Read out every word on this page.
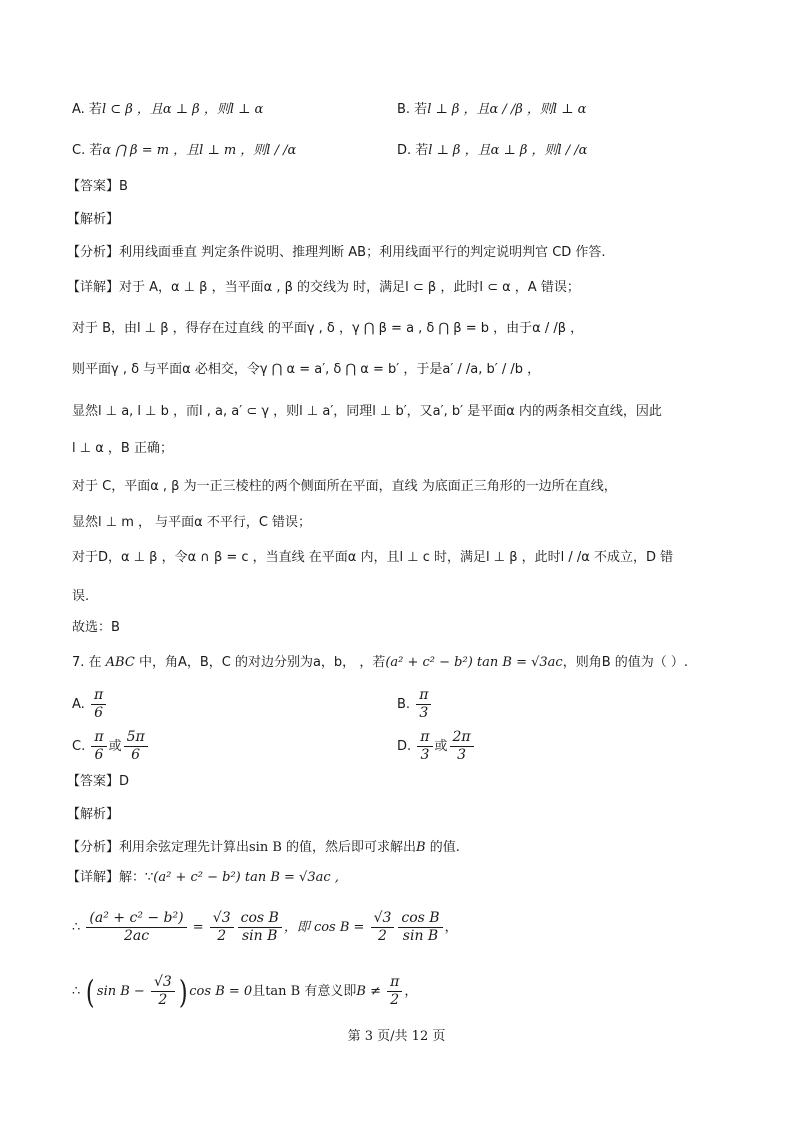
A. 若l ⊂ β ，且α ⊥ β ，则l ⊥ α	B. 若l ⊥ β ，且α / /β ，则l ⊥ α
C. 若α ⋂ β = m ，且l ⊥ m ，则l / /α	D. 若l ⊥ β ，且α ⊥ β ，则l / /α
【答案】B
【解析】
【分析】利用线面垂直 判定条件说明、推理判断 AB；利用线面平行的判定说明判官 CD 作答.
【详解】对于 A，α ⊥ β ，当平面α , β 的交线为 时，满足l ⊂ β ，此时l ⊂ α ，A 错误；
对于 B，由l ⊥ β ，得存在过直线 的平面γ , δ ，γ ⋂ β = a , δ ⋂ β = b ，由于α / /β ，
则平面γ , δ 与平面α 必相交，令γ ⋂ α = a′, δ ⋂ α = b′ ，于是a′ / /a, b′ / /b ，
显然l ⊥ a, l ⊥ b ，而l , a, a′ ⊂ γ ，则l ⊥ a′，同理l ⊥ b′，又a′, b′ 是平面α 内的两条相交直线，因此
l ⊥ α ，B 正确；
对于 C，平面α , β 为一正三棱柱的两个侧面所在平面，直线 为底面正三角形的一边所在直线，
显然l ⊥ m ， 与平面α 不平行，C 错误；
对于D，α ⊥ β ，令α ∩ β = c ，当直线 在平面α 内，且l ⊥ c 时，满足l ⊥ β ，此时l / /α 不成立，D 错
误.
故选：B
7. 在 ABC 中，角A，B，C 的对边分别为a，b， ，若(a² + c² − b²) tan B = √3ac，则角B 的值为（ ）.
A. $\frac{\pi}{6}$	B. $\frac{\pi}{3}$
C. $\frac{\pi}{6}$ 或 $\frac{5\pi}{6}$	D. $\frac{\pi}{3}$ 或 $\frac{2\pi}{3}$
【答案】D
【解析】
【分析】利用余弦定理先计算出sin B 的值，然后即可求解出B 的值.
【详解】解：∵(a² + c² − b²) tan B = √3ac ,
∴ $\frac{\text{(a² + c² − b²)}}{2ac} = \frac{√3}{2} \frac{\text{cos B}}{\text{sin B}}$ ，即 $\cos B = \frac{√3}{2} \frac{\text{cos B}}{\text{sin B}}$ ，
∴ ( $\sin B - \frac{√3}{2}$ ) cos B = 0且tan B 有意义即$B \ne \frac{\pi}{2}$ ，
第 3 页/共 12 页
